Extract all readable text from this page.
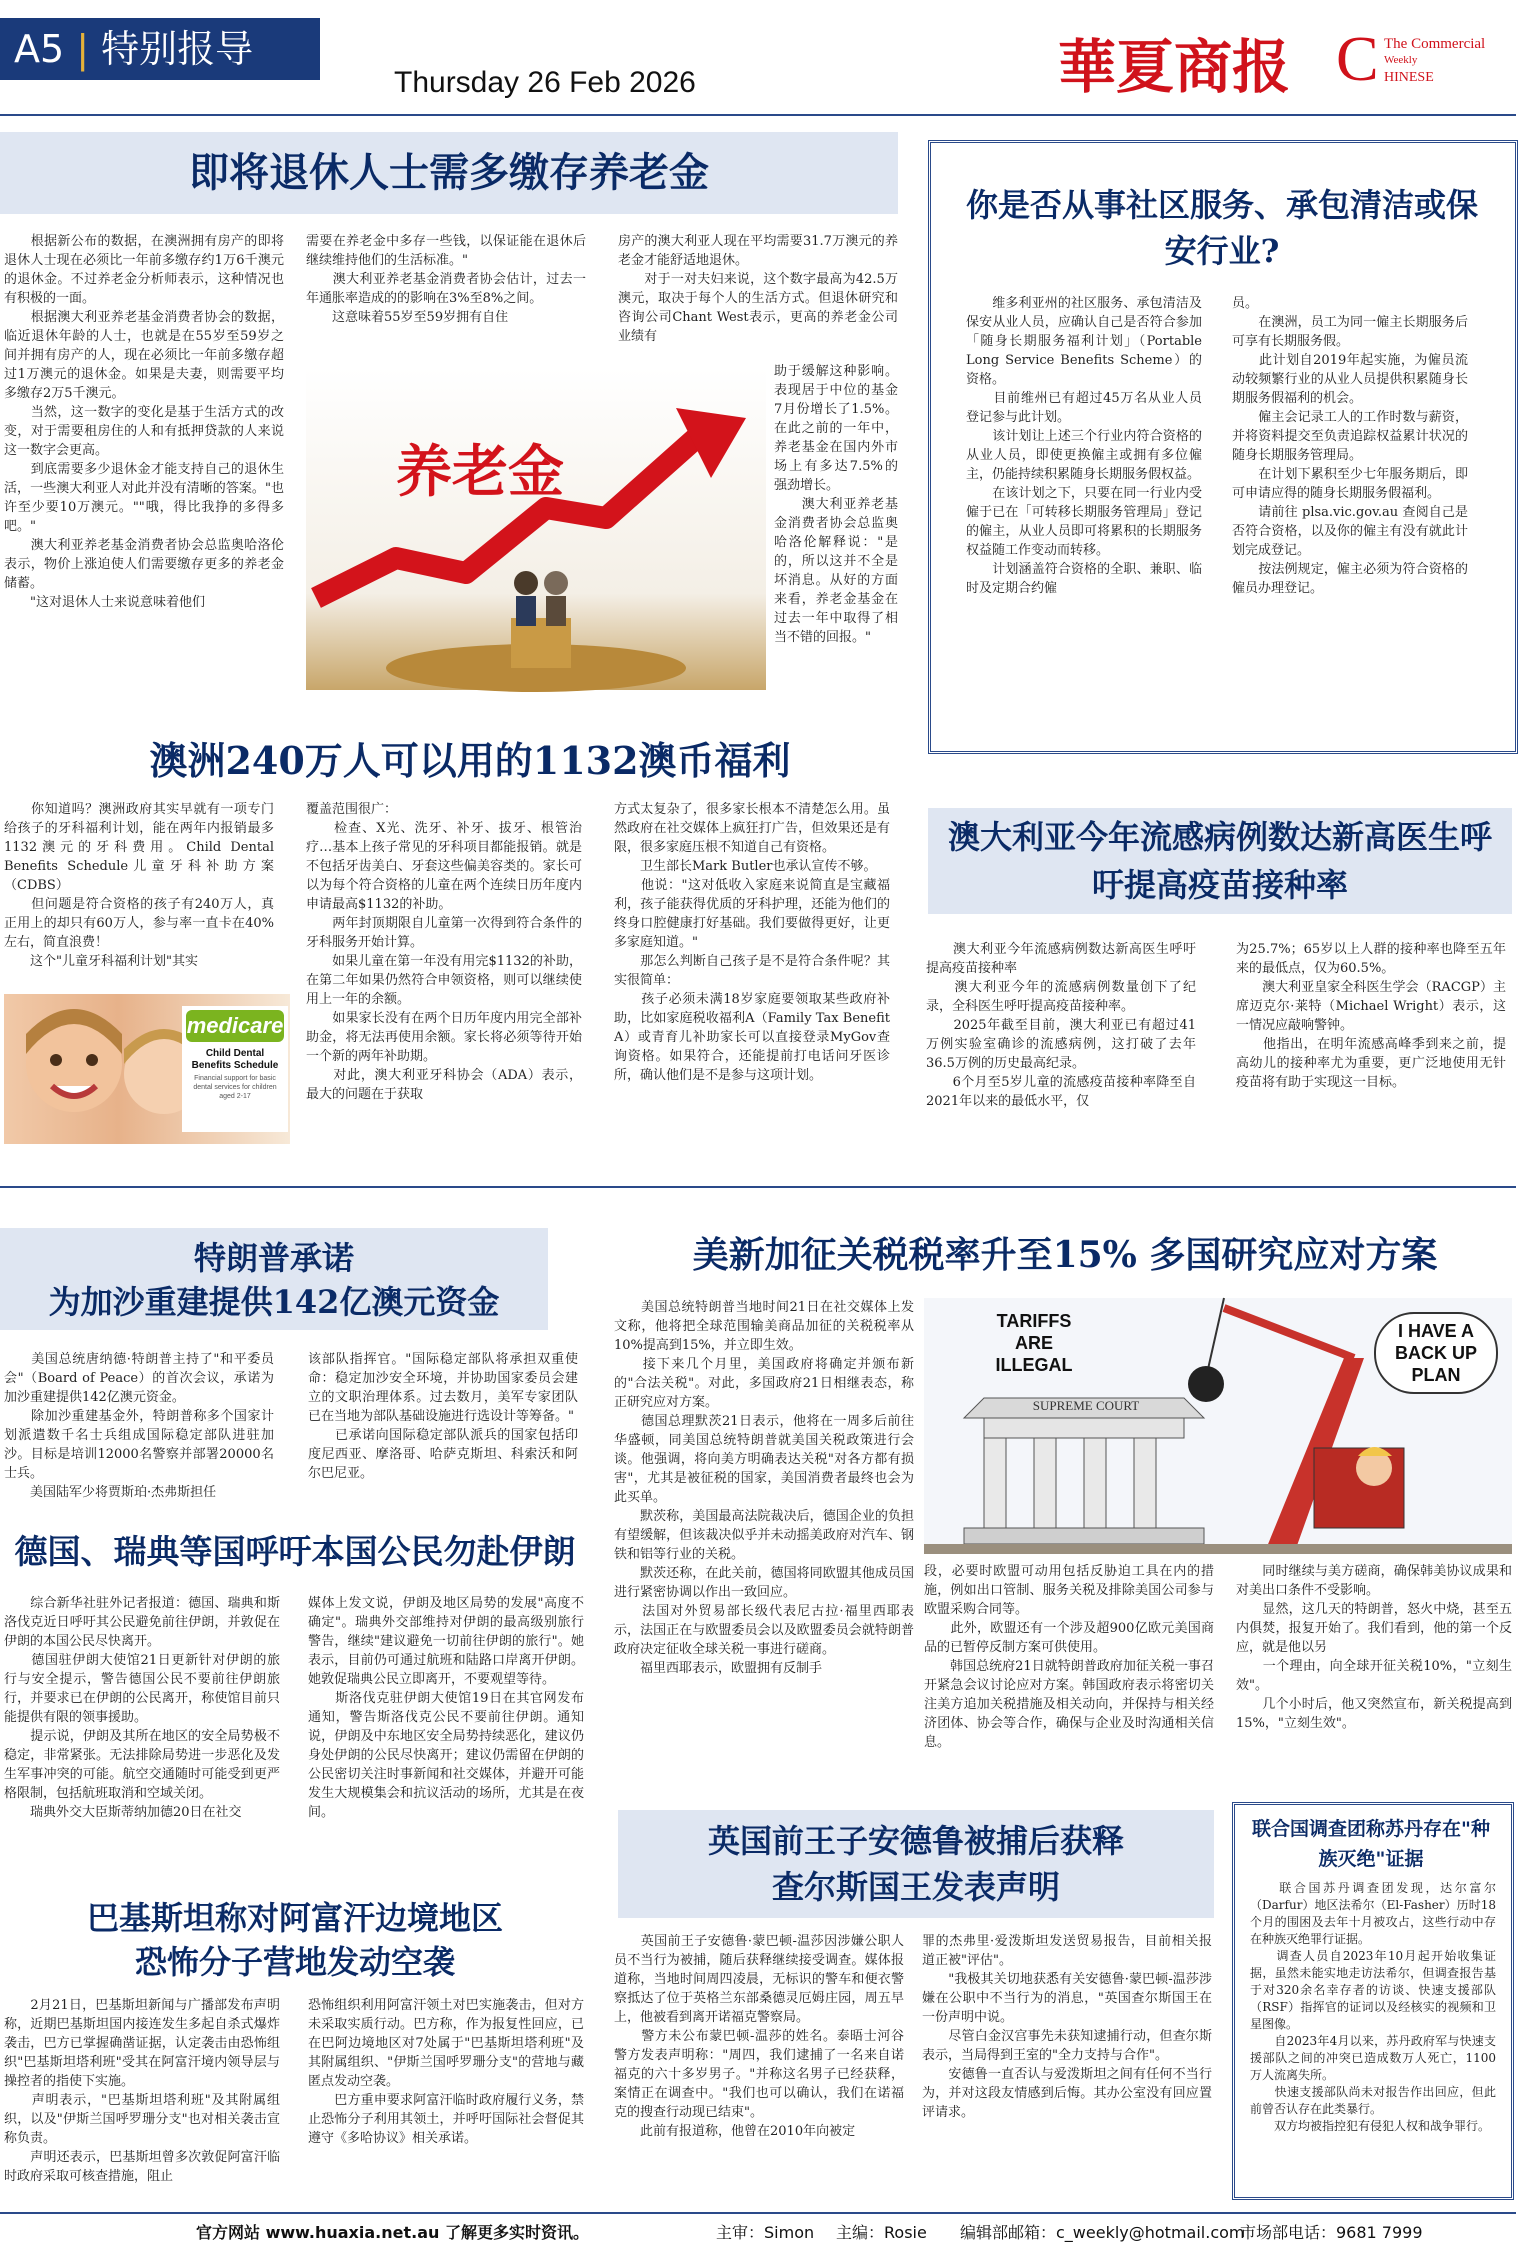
A5 | 特别报导
Thursday 26 Feb 2026	華夏商报 C The Commercial
Weekly
HINESE
即将退休人士需多缴存养老金
　　根据新公布的数据，在澳洲拥有房产的即将退休人士现在必须比一年前多缴存约1万6千澳元的退休金。不过养老金分析师表示，这种情况也有积极的一面。
　　根据澳大利亚养老基金消费者协会的数据，临近退休年龄的人士，也就是在55岁至59岁之间并拥有房产的人，现在必须比一年前多缴存超过1万澳元的退休金。如果是夫妻，则需要平均多缴存2万5千澳元。
　　当然，这一数字的变化是基于生活方式的改变，对于需要租房住的人和有抵押贷款的人来说这一数字会更高。
　　到底需要多少退休金才能支持自己的退休生活，一些澳大利亚人对此并没有清晰的答案。"也许至少要10万澳元。""哦，得比我挣的多得多吧。"
　　澳大利亚养老基金消费者协会总监奥哈洛伦表示，物价上涨迫使人们需要缴存更多的养老金储蓄。
　　"这对退休人士来说意味着他们
需要在养老金中多存一些钱，以保证能在退休后继续维持他们的生活标准。"
　　澳大利亚养老基金消费者协会估计，过去一年通胀率造成的的影响在3%至8%之间。
　　这意味着55岁至59岁拥有自住
房产的澳大利亚人现在平均需要31.7万澳元的养老金才能舒适地退休。
　　对于一对夫妇来说，这个数字最高为42.5万澳元，取决于每个人的生活方式。但退休研究和咨询公司Chant West表示，更高的养老金公司业绩有
养老金
助于缓解这种影响。表现居于中位的基金7月份增长了1.5%。在此之前的一年中，养老基金在国内外市场上有多达7.5%的强劲增长。
　　澳大利亚养老基金消费者协会总监奥哈洛伦解释说："是的，所以这并不全是坏消息。从好的方面来看，养老金基金在过去一年中取得了相当不错的回报。"
你是否从事社区服务、承包清洁或保安行业?
　　维多利亚州的社区服务、承包清洁及保安从业人员，应确认自己是否符合参加「随身长期服务福利计划」（Portable Long Service Benefits Scheme）的资格。
　　目前维州已有超过45万名从业人员登记参与此计划。
　　该计划让上述三个行业内符合资格的从业人员，即使更换僱主或拥有多位僱主，仍能持续积累随身长期服务假权益。
　　在该计划之下，只要在同一行业内受僱于已在「可转移长期服务管理局」登记的僱主，从业人员即可将累积的长期服务权益随工作变动而转移。
　　计划涵盖符合资格的全职、兼职、临时及定期合约僱
员。
　　在澳洲，员工为同一僱主长期服务后可享有长期服务假。
　　此计划自2019年起实施，为僱员流动较频繁行业的从业人员提供积累随身长期服务假福利的机会。
　　僱主会记录工人的工作时数与薪资，并将资料提交至负责追踪权益累计状况的随身长期服务管理局。
　　在计划下累积至少七年服务期后，即可申请应得的随身长期服务假福利。
　　请前往 plsa.vic.gov.au 查阅自己是否符合资格，以及你的僱主有没有就此计划完成登记。
　　按法例规定，僱主必须为符合资格的僱员办理登记。
澳洲240万人可以用的1132澳币福利
　　你知道吗？澳洲政府其实早就有一项专门给孩子的牙科福利计划，能在两年内报销最多1132澳元的牙科费用。Child Dental Benefits Schedule儿童牙科补助方案（CDBS）
　　但问题是符合资格的孩子有240万人，真正用上的却只有60万人，参与率一直卡在40%左右，简直浪费！
　　这个"儿童牙科福利计划"其实
medicare
Child Dental Benefits Schedule
Financial support for basic dental services for children aged 2-17
覆盖范围很广：
　　检查、X光、洗牙、补牙、拔牙、根管治疗…基本上孩子常见的牙科项目都能报销。就是不包括牙齿美白、牙套这些偏美容类的。家长可以为每个符合资格的儿童在两个连续日历年度内申请最高$1132的补助。
　　两年封顶期限自儿童第一次得到符合条件的牙科服务开始计算。
　　如果儿童在第一年没有用完$1132的补助，在第二年如果仍然符合申领资格，则可以继续使用上一年的余额。
　　如果家长没有在两个日历年度内用完全部补助金，将无法再使用余额。家长将必须等待开始一个新的两年补助期。
　　对此，澳大利亚牙科协会（ADA）表示，最大的问题在于获取
方式太复杂了，很多家长根本不清楚怎么用。虽然政府在社交媒体上疯狂打广告，但效果还是有限，很多家庭压根不知道自己有资格。
　　卫生部长Mark Butler也承认宣传不够。
　　他说："这对低收入家庭来说简直是宝藏福利，孩子能获得优质的牙科护理，还能为他们的终身口腔健康打好基础。我们要做得更好，让更多家庭知道。"
　　那怎么判断自己孩子是不是符合条件呢？其实很简单：
　　孩子必须未满18岁家庭要领取某些政府补助，比如家庭税收福利A（Family Tax Benefit A）或青育儿补助家长可以直接登录MyGov查询资格。如果符合，还能提前打电话问牙医诊所，确认他们是不是参与这项计划。
澳大利亚今年流感病例数达新高医生呼吁提高疫苗接种率
　　澳大利亚今年流感病例数达新高医生呼吁提高疫苗接种率
　　澳大利亚今年的流感病例数量创下了纪录，全科医生呼吁提高疫苗接种率。
　　2025年截至目前，澳大利亚已有超过41万例实验室确诊的流感病例，这打破了去年36.5万例的历史最高纪录。
　　6个月至5岁儿童的流感疫苗接种率降至自2021年以来的最低水平，仅
为25.7%；65岁以上人群的接种率也降至五年来的最低点，仅为60.5%。
　　澳大利亚皇家全科医生学会（RACGP）主席迈克尔·莱特（Michael Wright）表示，这一情况应敲响警钟。
　　他指出，在明年流感高峰季到来之前，提高幼儿的接种率尤为重要，更广泛地使用无针疫苗将有助于实现这一目标。
特朗普承诺
为加沙重建提供142亿澳元资金
　　美国总统唐纳德·特朗普主持了"和平委员会"（Board of Peace）的首次会议，承诺为加沙重建提供142亿澳元资金。
　　除加沙重建基金外，特朗普称多个国家计划派遣数千名士兵组成国际稳定部队进驻加沙。目标是培训12000名警察并部署20000名士兵。
　　美国陆军少将贾斯珀·杰弗斯担任
该部队指挥官。"国际稳定部队将承担双重使命：稳定加沙安全环境，并协助国家委员会建立的文职治理体系。过去数月，美军专家团队已在当地为部队基础设施进行选设计等筹备。"
　　已承诺向国际稳定部队派兵的国家包括印度尼西亚、摩洛哥、哈萨克斯坦、科索沃和阿尔巴尼亚。
美新加征关税税率升至15% 多国研究应对方案
　　美国总统特朗普当地时间21日在社交媒体上发文称，他将把全球范围输美商品加征的关税税率从10%提高到15%，并立即生效。
　　接下来几个月里，美国政府将确定并颁布新的"合法关税"。对此，多国政府21日相继表态，称正研究应对方案。
　　德国总理默茨21日表示，他将在一周多后前往华盛顿，同美国总统特朗普就美国关税政策进行会谈。他强调，将向美方明确表达关税"对各方都有损害"，尤其是被征税的国家，美国消费者最终也会为此买单。
　　默茨称，美国最高法院裁决后，德国企业的负担有望缓解，但该裁决似乎并未动摇美政府对汽车、钢铁和铝等行业的关税。
　　默茨还称，在此关前，德国将同欧盟其他成员国进行紧密协调以作出一致回应。
　　法国对外贸易部长级代表尼古拉·福里西耶表示，法国正在与欧盟委员会以及欧盟委员会就特朗普政府决定征收全球关税一事进行磋商。
　　福里西耶表示，欧盟拥有反制手
TARIFFS
ARE
ILLEGAL
I HAVE A
BACK UP
PLAN
SUPREME COURT
段，必要时欧盟可动用包括反胁迫工具在内的措施，例如出口管制、服务关税及排除美国公司参与欧盟采购合同等。
　　此外，欧盟还有一个涉及超900亿欧元美国商品的已暂停反制方案可供使用。
　　韩国总统府21日就特朗普政府加征关税一事召开紧急会议讨论应对方案。韩国政府表示将密切关注美方追加关税措施及相关动向，并保持与相关经济团体、协会等合作，确保与企业及时沟通相关信息。
　　同时继续与美方磋商，确保韩美协议成果和对美出口条件不受影响。
　　显然，这几天的特朗普，怒火中烧，甚至五内俱焚，报复开始了。我们看到，他的第一个反应，就是他以另
　　一个理由，向全球开征关税10%，"立刻生效"。
　　几个小时后，他又突然宣布，新关税提高到15%，"立刻生效"。
德国、瑞典等国呼吁本国公民勿赴伊朗
　　综合新华社驻外记者报道：德国、瑞典和斯洛伐克近日呼吁其公民避免前往伊朗，并敦促在伊朗的本国公民尽快离开。
　　德国驻伊朗大使馆21日更新针对伊朗的旅行与安全提示，警告德国公民不要前往伊朗旅行，并要求已在伊朗的公民离开，称使馆目前只能提供有限的领事援助。
　　提示说，伊朗及其所在地区的安全局势极不稳定，非常紧张。无法排除局势进一步恶化及发生军事冲突的可能。航空交通随时可能受到更严格限制，包括航班取消和空域关闭。
　　瑞典外交大臣斯蒂纳加德20日在社交
媒体上发文说，伊朗及地区局势的发展"高度不确定"。瑞典外交部维持对伊朗的最高级别旅行警告，继续"建议避免一切前往伊朗的旅行"。她表示，目前仍可通过航班和陆路口岸离开伊朗。她敦促瑞典公民立即离开，不要观望等待。
　　斯洛伐克驻伊朗大使馆19日在其官网发布通知，警告斯洛伐克公民不要前往伊朗。通知说，伊朗及中东地区安全局势持续恶化，建议仍身处伊朗的公民尽快离开；建议仍需留在伊朗的公民密切关注时事新闻和社交媒体，并避开可能发生大规模集会和抗议活动的场所，尤其是在夜间。
英国前王子安德鲁被捕后获释
查尔斯国王发表声明
　　英国前王子安德鲁·蒙巴顿-温莎因涉嫌公职人员不当行为被捕，随后获释继续接受调查。媒体报道称，当地时间周四凌晨，无标识的警车和便衣警察抵达了位于英格兰东部桑德灵厄姆庄园，周五早上，他被看到离开诺福克警察局。
　　警方未公布蒙巴顿-温莎的姓名。泰晤士河谷警方发表声明称："周四，我们逮捕了一名来自诺福克的六十多岁男子。"并称这名男子已经获释，案情正在调查中。"我们也可以确认，我们在诺福克的搜查行动现已结束"。
　　此前有报道称，他曾在2010年向被定
罪的杰弗里·爱泼斯坦发送贸易报告，目前相关报道正被"评估"。
　　"我极其关切地获悉有关安德鲁·蒙巴顿-温莎涉嫌在公职中不当行为的消息，"英国查尔斯国王在一份声明中说。
　　尽管白金汉宫事先未获知逮捕行动，但查尔斯表示，当局得到王室的"全力支持与合作"。
　　安德鲁一直否认与爱泼斯坦之间有任何不当行为，并对这段友情感到后悔。其办公室没有回应置评请求。
联合国调查团称苏丹存在"种族灭绝"证据
　　联合国苏丹调查团发现，达尔富尔（Darfur）地区法希尔（El-Fasher）历时18个月的围困及去年十月被攻占，这些行动中存在种族灭绝罪行证据。
　　调查人员自2023年10月起开始收集证据，虽然未能实地走访法希尔，但调查报告基于对320余名幸存者的访谈、快速支援部队（RSF）指挥官的证词以及经核实的视频和卫星图像。
　　自2023年4月以来，苏丹政府军与快速支援部队之间的冲突已造成数万人死亡，1100万人流离失所。
　　快速支援部队尚未对报告作出回应，但此前曾否认存在此类暴行。
　　双方均被指控犯有侵犯人权和战争罪行。
巴基斯坦称对阿富汗边境地区
恐怖分子营地发动空袭
　　2月21日，巴基斯坦新闻与广播部发布声明称，近期巴基斯坦国内接连发生多起自杀式爆炸袭击，巴方已掌握确凿证据，认定袭击由恐怖组织"巴基斯坦塔利班"受其在阿富汗境内领导层与操控者的指使下实施。
　　声明表示，"巴基斯坦塔利班"及其附属组织，以及"伊斯兰国呼罗珊分支"也对相关袭击宣称负责。
　　声明还表示，巴基斯坦曾多次敦促阿富汗临时政府采取可核查措施，阻止
恐怖组织利用阿富汗领土对巴实施袭击，但对方未采取实质行动。巴方称，作为报复性回应，已在巴阿边境地区对7处属于"巴基斯坦塔利班"及其附属组织、"伊斯兰国呼罗珊分支"的营地与藏匿点发动空袭。
　　巴方重申要求阿富汗临时政府履行义务，禁止恐怖分子利用其领土，并呼吁国际社会督促其遵守《多哈协议》相关承诺。
官方网站 www.huaxia.net.au 了解更多实时资讯。	主审：Simon 主编：Rosie 编辑部邮箱：c_weekly@hotmail.com
市场部电话：9681 7999
